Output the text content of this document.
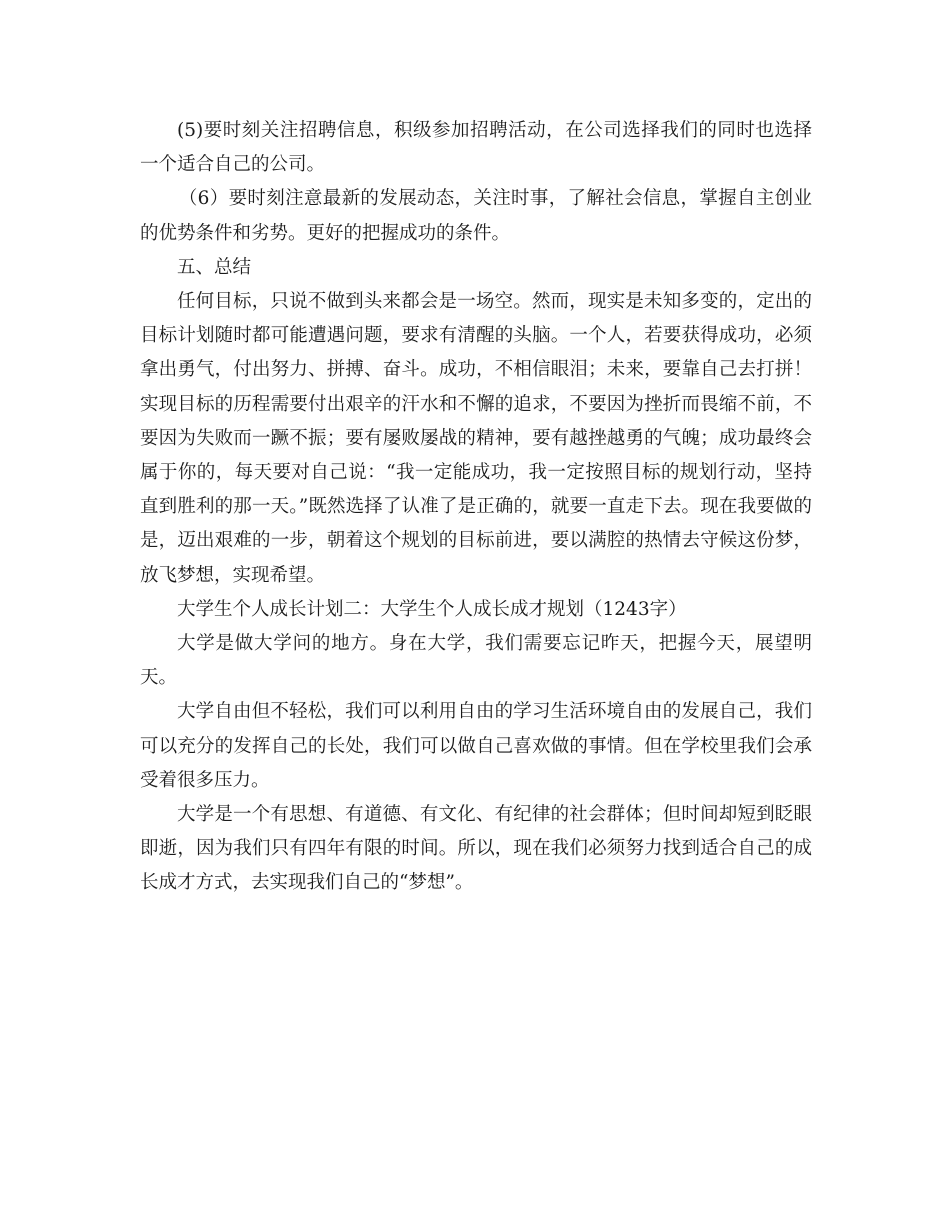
(5)要时刻关注招聘信息，积级参加招聘活动，在公司选择我们的同时也选择一个适合自己的公司。

（6）要时刻注意最新的发展动态，关注时事，了解社会信息，掌握自主创业的优势条件和劣势。更好的把握成功的条件。

五、总结

任何目标，只说不做到头来都会是一场空。然而，现实是未知多变的，定出的目标计划随时都可能遭遇问题，要求有清醒的头脑。一个人，若要获得成功，必须拿出勇气，付出努力、拼搏、奋斗。成功，不相信眼泪；未来，要靠自己去打拼！实现目标的历程需要付出艰辛的汗水和不懈的追求，不要因为挫折而畏缩不前，不要因为失败而一蹶不振；要有屡败屡战的精神，要有越挫越勇的气魄；成功最终会属于你的，每天要对自己说：“我一定能成功，我一定按照目标的规划行动，坚持直到胜利的那一天。”既然选择了认准了是正确的，就要一直走下去。现在我要做的是，迈出艰难的一步，朝着这个规划的目标前进，要以满腔的热情去守候这份梦，放飞梦想，实现希望。

大学生个人成长计划二：大学生个人成长成才规划（1243字）

大学是做大学问的地方。身在大学，我们需要忘记昨天，把握今天，展望明天。

大学自由但不轻松，我们可以利用自由的学习生活环境自由的发展自己，我们可以充分的发挥自己的长处，我们可以做自己喜欢做的事情。但在学校里我们会承受着很多压力。

大学是一个有思想、有道德、有文化、有纪律的社会群体；但时间却短到眨眼即逝，因为我们只有四年有限的时间。所以，现在我们必须努力找到适合自己的成长成才方式，去实现我们自己的“梦想”。
